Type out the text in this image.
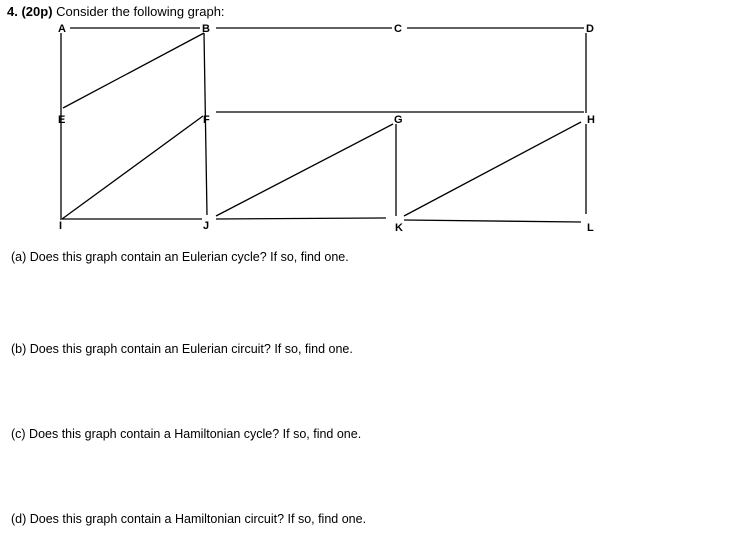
4. (20p) Consider the following graph:
A	B	C	D
E	F	G	H
I	J	K	L
(a) Does this graph contain an Eulerian cycle? If so, find one.
(b) Does this graph contain an Eulerian circuit? If so, find one.
(c) Does this graph contain a Hamiltonian cycle? If so, find one.
(d) Does this graph contain a Hamiltonian circuit? If so, find one.
